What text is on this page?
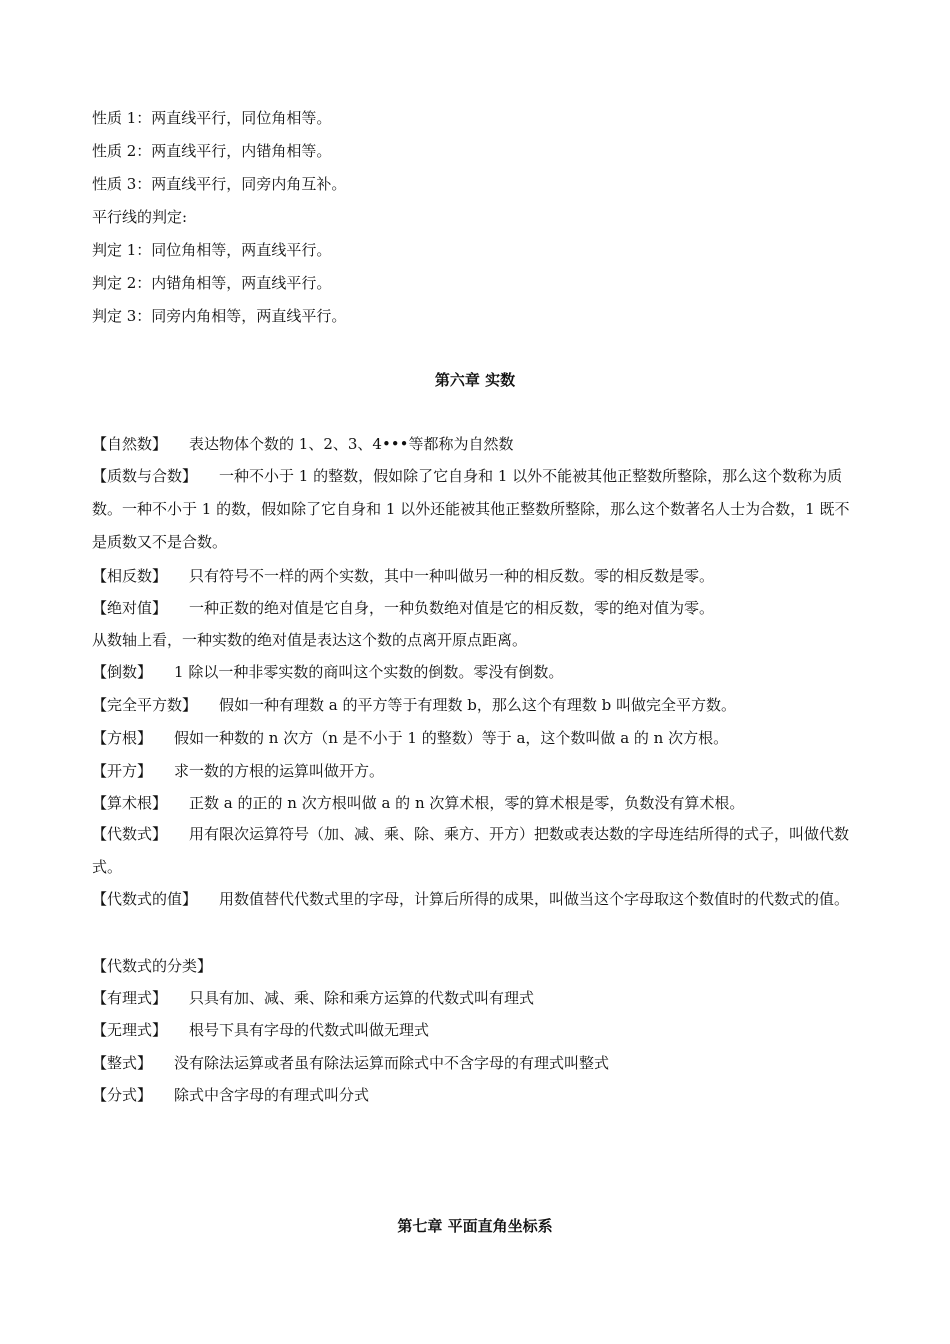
性质 1：两直线平行，同位角相等。
性质 2：两直线平行，内错角相等。
性质 3：两直线平行，同旁内角互补。
平行线的判定:
判定 1：同位角相等，两直线平行。
判定 2：内错角相等，两直线平行。
判定 3：同旁内角相等，两直线平行。
第六章 实数
【自然数】 表达物体个数的 1、2、3、4•••等都称为自然数
【质数与合数】 一种不小于 1 的整数，假如除了它自身和 1 以外不能被其他正整数所整除，那么这个数称为质数。一种不小于 1 的数，假如除了它自身和 1 以外还能被其他正整数所整除，那么这个数著名人士为合数，1 既不是质数又不是合数。
【相反数】 只有符号不一样的两个实数，其中一种叫做另一种的相反数。零的相反数是零。
【绝对值】 一种正数的绝对值是它自身，一种负数绝对值是它的相反数，零的绝对值为零。
从数轴上看，一种实数的绝对值是表达这个数的点离开原点距离。
【倒数】 1 除以一种非零实数的商叫这个实数的倒数。零没有倒数。
【完全平方数】 假如一种有理数 a 的平方等于有理数 b，那么这个有理数 b 叫做完全平方数。
【方根】 假如一种数的 n 次方（n 是不小于 1 的整数）等于 a，这个数叫做 a 的 n 次方根。
【开方】 求一数的方根的运算叫做开方。
【算术根】 正数 a 的正的 n 次方根叫做 a 的 n 次算术根，零的算术根是零，负数没有算术根。
【代数式】 用有限次运算符号（加、减、乘、除、乘方、开方）把数或表达数的字母连结所得的式子，叫做代数式。
【代数式的值】 用数值替代代数式里的字母，计算后所得的成果，叫做当这个字母取这个数值时的代数式的值。
【代数式的分类】
【有理式】 只具有加、减、乘、除和乘方运算的代数式叫有理式
【无理式】 根号下具有字母的代数式叫做无理式
【整式】 没有除法运算或者虽有除法运算而除式中不含字母的有理式叫整式
【分式】 除式中含字母的有理式叫分式
第七章 平面直角坐标系
